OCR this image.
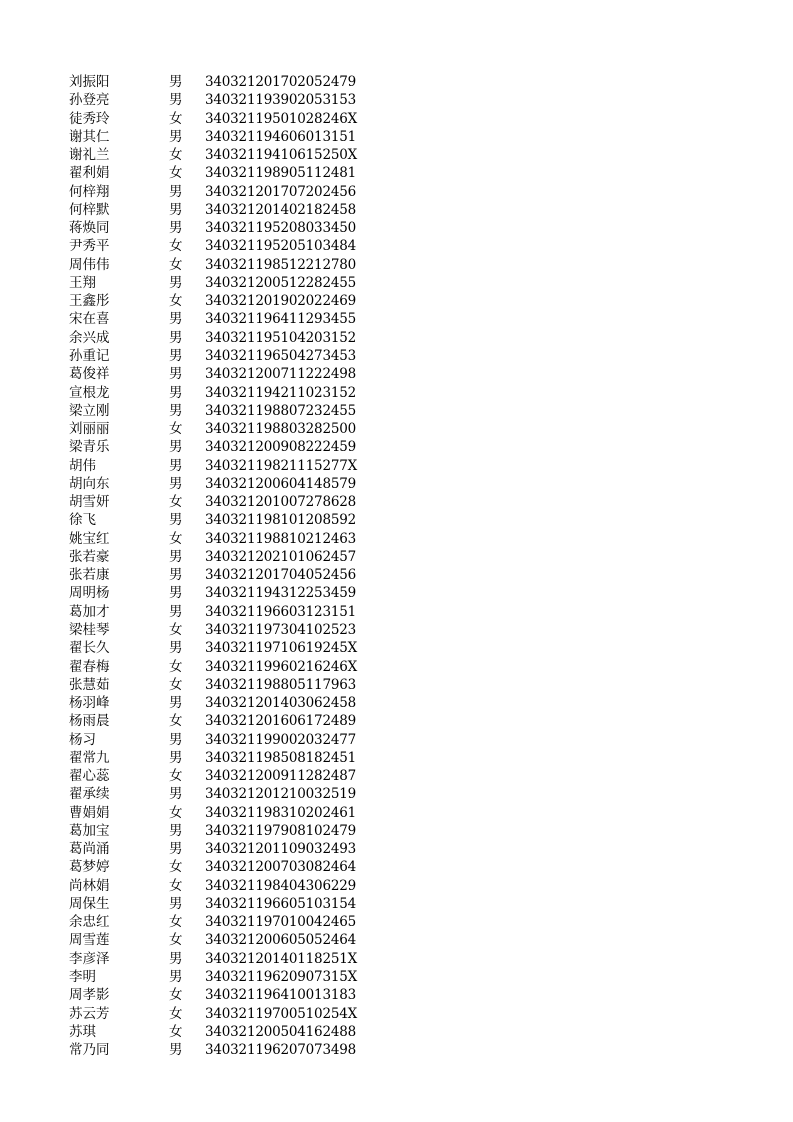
刘振阳	男 340321201702052479
孙登亮	男 340321193902053153
徒秀玲	女 34032119501028246X
谢其仁	男 340321194606013151
谢礼兰	女 34032119410615250X
翟利娟	女 340321198905112481
何梓翔	男 340321201707202456
何梓默	男 340321201402182458
蒋焕同	男 340321195208033450
尹秀平	女 340321195205103484
周伟伟	女 340321198512212780
王翔	男 340321200512282455
王鑫彤	女 340321201902022469
宋在喜	男 340321196411293455
余兴成	男 340321195104203152
孙重记	男 340321196504273453
葛俊祥	男 340321200711222498
宣根龙	男 340321194211023152
梁立刚	男 340321198807232455
刘丽丽	女 340321198803282500
梁青乐	男 340321200908222459
胡伟	男 34032119821115277X
胡向东	男 340321200604148579
胡雪妍	女 340321201007278628
徐飞	男 340321198101208592
姚宝红	女 340321198810212463
张若豪	男 340321202101062457
张若康	男 340321201704052456
周明杨	男 340321194312253459
葛加才	男 340321196603123151
梁桂琴	女 340321197304102523
翟长久	男 34032119710619245X
翟春梅	女 34032119960216246X
张慧茹	女 340321198805117963
杨羽峰	男 340321201403062458
杨雨晨	女 340321201606172489
杨习	男 340321199002032477
翟常九	男 340321198508182451
翟心蕊	女 340321200911282487
翟承续	男 340321201210032519
曹娟娟	女 340321198310202461
葛加宝	男 340321197908102479
葛尚涌	男 340321201109032493
葛梦婷	女 340321200703082464
尚林娟	女 340321198404306229
周保生	男 340321196605103154
余忠红	女 340321197010042465
周雪莲	女 340321200605052464
李彦泽	男 34032120140118251X
李明	男 34032119620907315X
周孝影	女 340321196410013183
苏云芳	女 34032119700510254X
苏琪	女 340321200504162488
常乃同	男 340321196207073498
